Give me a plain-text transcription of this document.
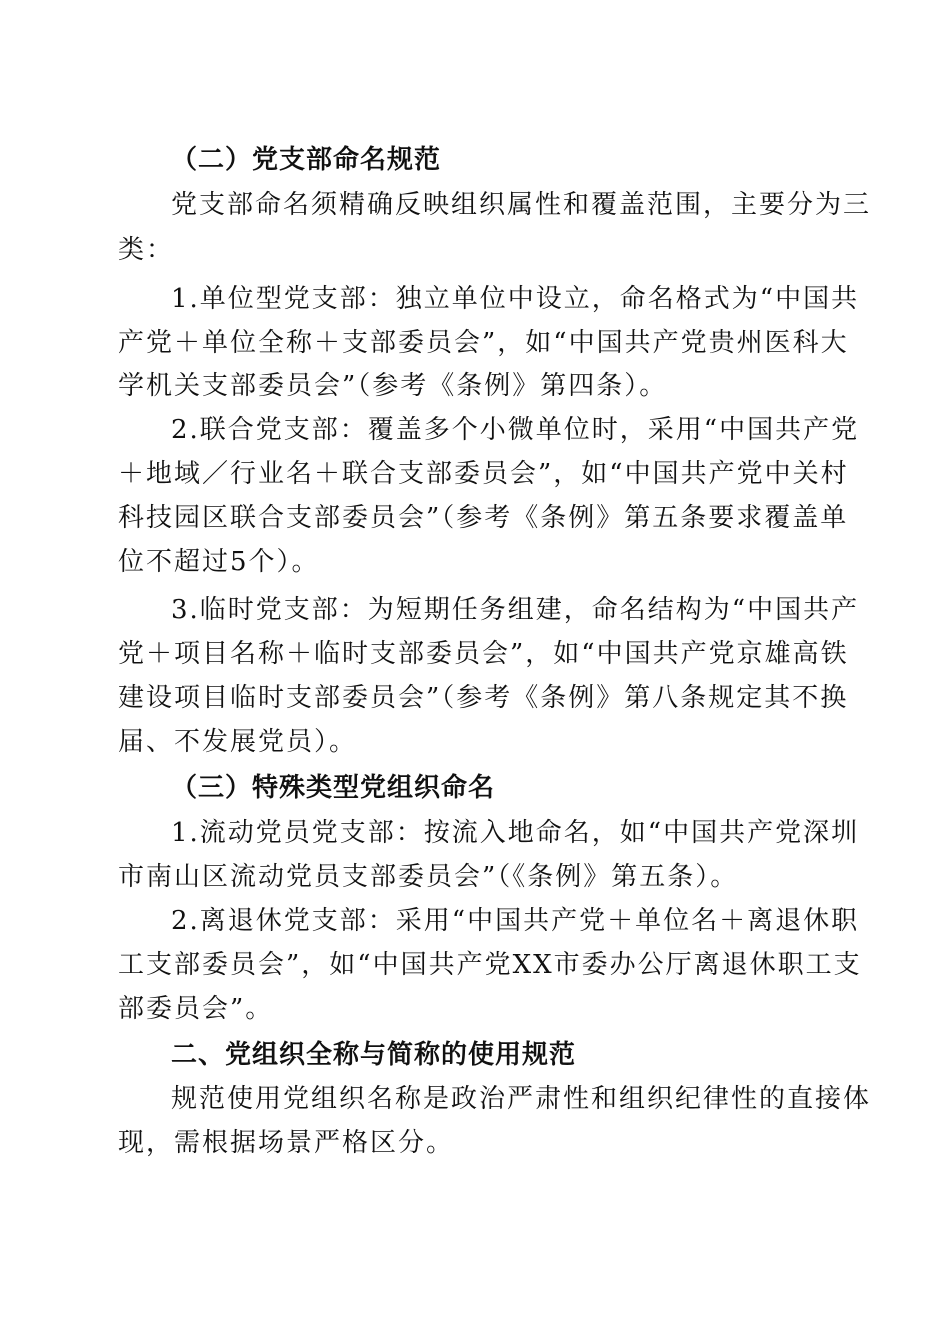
（二）党支部命名规范
党支部命名须精确反映组织属性和覆盖范围，主要分为三
类：
1.单位型党支部：独立单位中设立，命名格式为“中国共
产党＋单位全称＋支部委员会”，如“中国共产党贵州医科大
学机关支部委员会”（参考《条例》第四条）。
2.联合党支部：覆盖多个小微单位时，采用“中国共产党
＋地域／行业名＋联合支部委员会”，如“中国共产党中关村
科技园区联合支部委员会”（参考《条例》第五条要求覆盖单
位不超过5个）。
3.临时党支部：为短期任务组建，命名结构为“中国共产
党＋项目名称＋临时支部委员会”，如“中国共产党京雄高铁
建设项目临时支部委员会”（参考《条例》第八条规定其不换
届、不发展党员）。
（三）特殊类型党组织命名
1.流动党员党支部：按流入地命名，如“中国共产党深圳
市南山区流动党员支部委员会”（《条例》第五条）。
2.离退休党支部：采用“中国共产党＋单位名＋离退休职
工支部委员会”，如“中国共产党XX市委办公厅离退休职工支
部委员会”。
二、党组织全称与简称的使用规范
规范使用党组织名称是政治严肃性和组织纪律性的直接体
现，需根据场景严格区分。
